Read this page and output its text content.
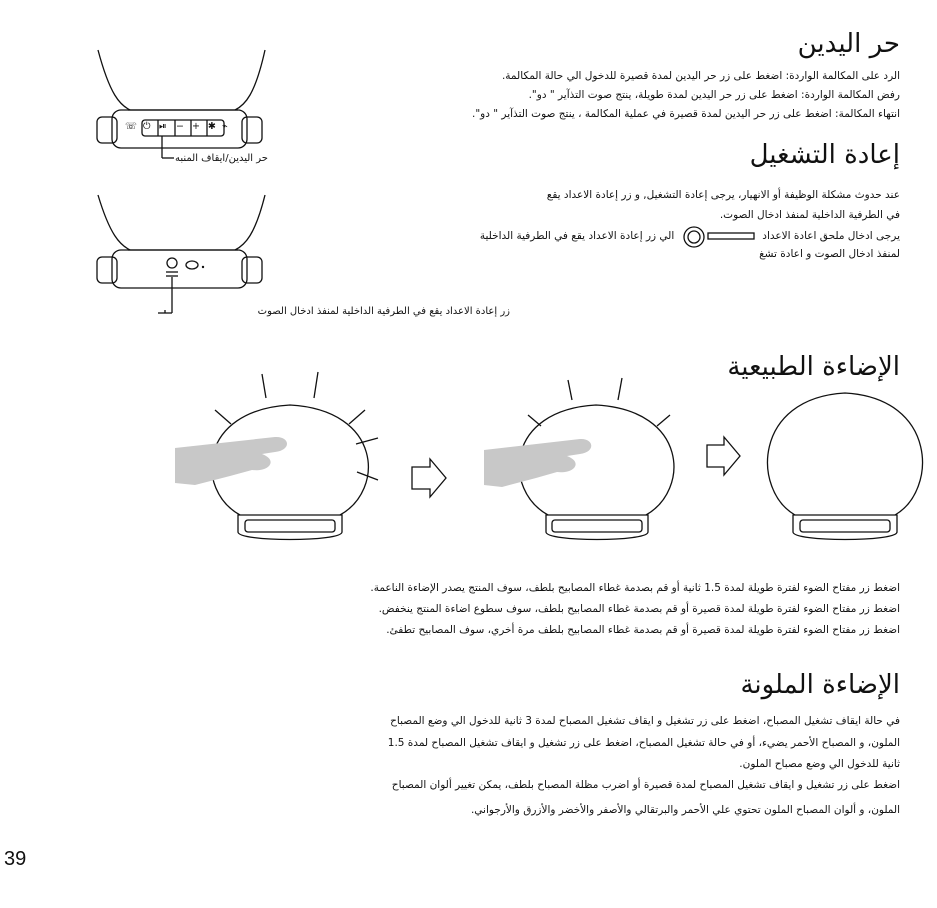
حر اليدين
الرد على المكالمة الواردة: اضغط على زر حر اليدين لمدة قصيرة للدخول الي حالة المكالمة.
رفض المكالمة الواردة: اضغط على زر حر اليدين لمدة طويلة، ينتج صوت التذآير " دو".
انتهاء المكالمة: اضغط على زر حر اليدين لمدة قصيرة في عملية المكالمة ، ينتج صوت التذآير " دو".
☏ ⏻ ⏯ − + ✱ ⌁
حر اليدين/ايقاف المنبه	إعادة التشغيل
عند حدوث مشكلة الوظيفة أو الانهيار، يرجى إعادة التشغيل, و زر إعادة الاعداد يقع
في الطرفية الداخلية لمنفذ ادخال الصوت.
يرجى ادخال ملحق اعادة الاعداد
الي زر إعادة الاعداد يقع في الطرفية الداخلية
لمنفذ ادخال الصوت و اعادة تشغ
زر إعادة الاعداد يقع في الطرفية الداخلية لمنفذ ادخال الصوت
الإضاءة الطبيعية
اضغط زر مفتاح الضوء لفترة طويلة لمدة 1.5 ثانية أو قم بصدمة غطاء المصابيح بلطف، سوف المنتج يصدر الإضاءة الناعمة.
اضغط زر مفتاح الضوء لفترة طويلة لمدة قصيرة أو قم بصدمة غطاء المصابيح بلطف، سوف سطوع اضاءة المنتج ينخفض.
اضغط زر مفتاح الضوء لفترة طويلة لمدة قصيرة أو قم بصدمة غطاء المصابيح بلطف مرة أخري، سوف المصابيح تطفئ.
الإضاءة الملونة
في حالة ايقاف تشغيل المصباح، اضغط على زر تشغيل و ايقاف تشغيل المصباح لمدة 3 ثانية للدخول الي وضع المصباح
الملون، و المصباح الأحمر يضيء، أو في حالة تشغيل المصباح، اضغط على زر تشغيل و ايقاف تشغيل المصباح لمدة 1.5
ثانية للدخول الي وضع مصباح الملون.
اضغط على زر تشغيل و ايقاف تشغيل المصباح لمدة قصيرة أو اضرب مظلة المصباح بلطف، يمكن تغيير ألوان المصباح
الملون، و ألوان المصباح الملون تحتوي علي الأحمر والبرتقالي والأصفر والأخضر والأزرق والأرجواني.
39
